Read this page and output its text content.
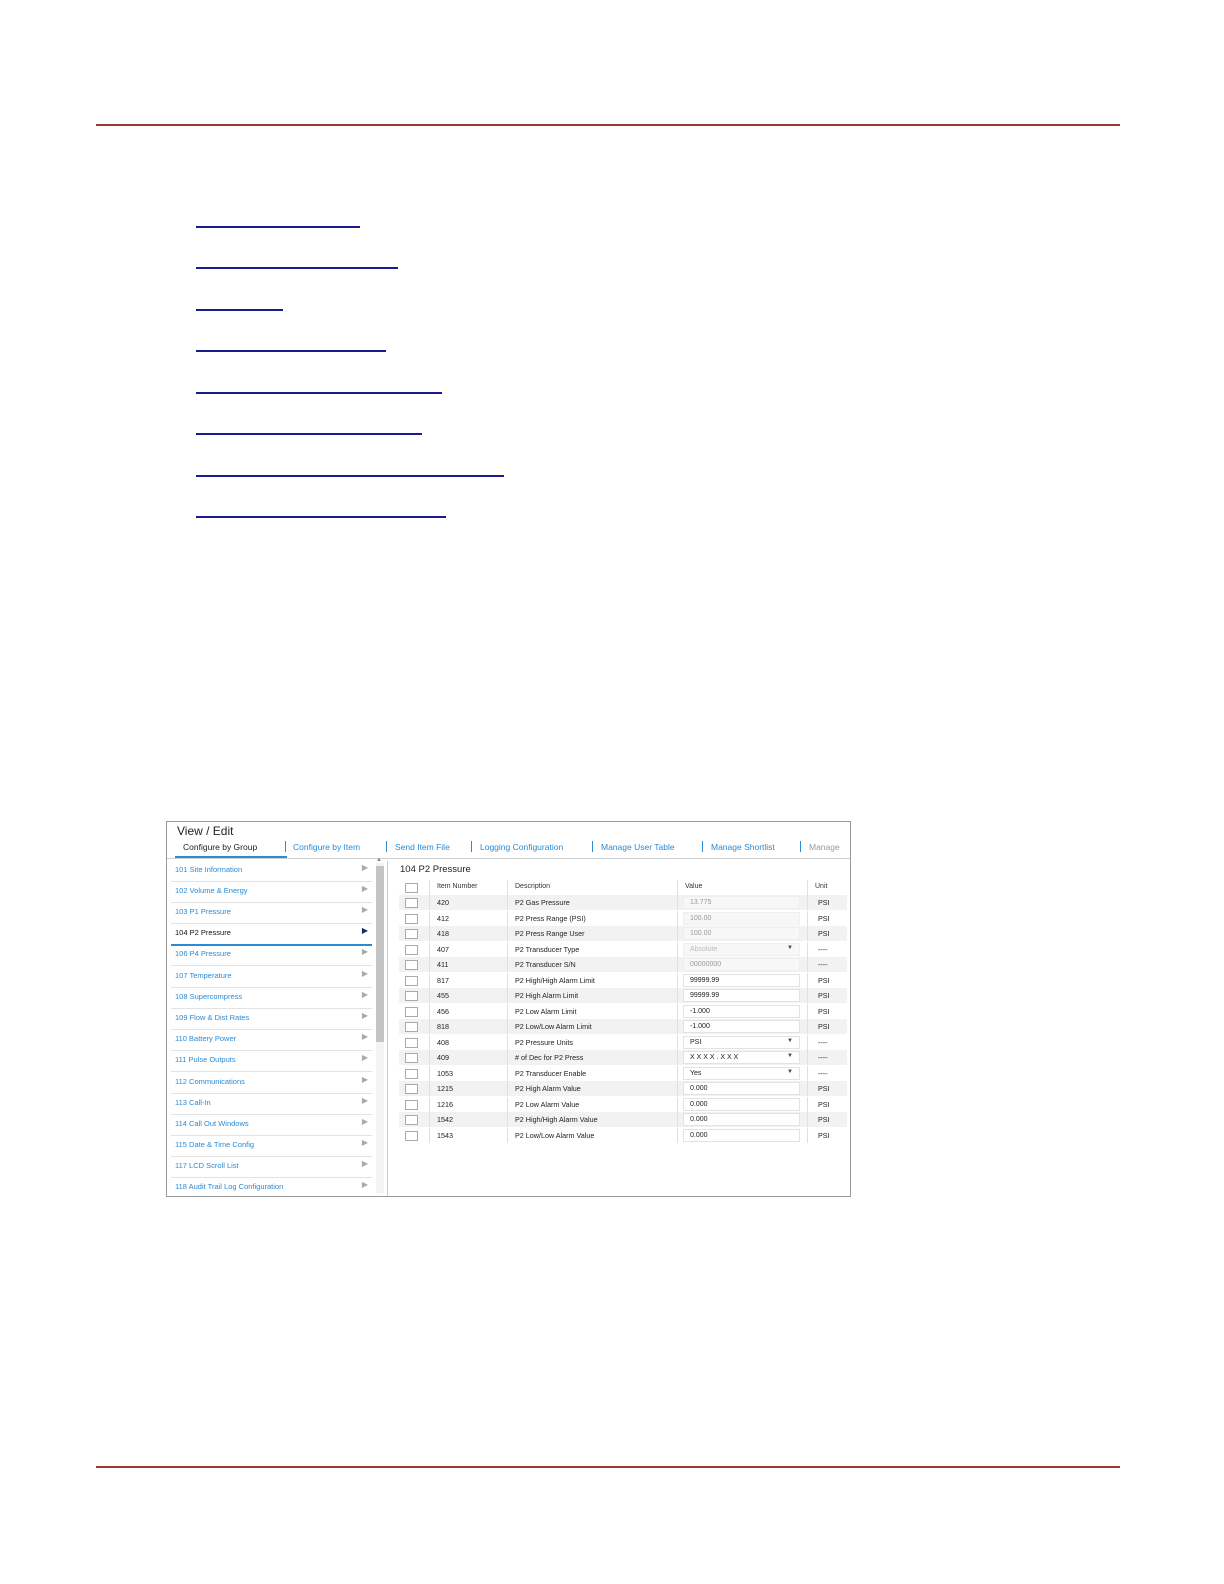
View / Edit
Configure by Group	Configure by Item	Send Item File	Logging Configuration	Manage User Table	Manage Shortlist	Manage
▲
101 Site Information	▶
102 Volume & Energy	▶
103 P1 Pressure	▶
104 P2 Pressure	▶
106 P4 Pressure	▶
107 Temperature	▶
108 Supercompress	▶
109 Flow & Dist Rates	▶
110 Battery Power	▶
111 Pulse Outputs	▶
112 Communications	▶
113 Call-In	▶
114 Call Out Windows	▶
115 Date & Time Config	▶
117 LCD Scroll List	▶
118 Audit Trail Log Configuration	▶
104 P2 Pressure
Item Number	Description	Value	Unit
420	P2 Gas Pressure	13.775	PSI
412	P2 Press Range (PSI)	100.00	PSI
418	P2 Press Range User	100.00	PSI
407	P2 Transducer Type	Absolute	▼	----
411	P2 Transducer S/N	00000000	----
817	P2 High/High Alarm Limit	99999.99	PSI
455	P2 High Alarm Limit	99999.99	PSI
456	P2 Low Alarm Limit	-1.000	PSI
818	P2 Low/Low Alarm Limit	-1.000	PSI
408	P2 Pressure Units	PSI	▼	----
409	# of Dec for P2 Press	X X X X . X X X	▼	----
1053	P2 Transducer Enable	Yes	▼	----
1215	P2 High Alarm Value	0.000	PSI
1216	P2 Low Alarm Value	0.000	PSI
1542	P2 High/High Alarm Value	0.000	PSI
1543	P2 Low/Low Alarm Value	0.000	PSI
